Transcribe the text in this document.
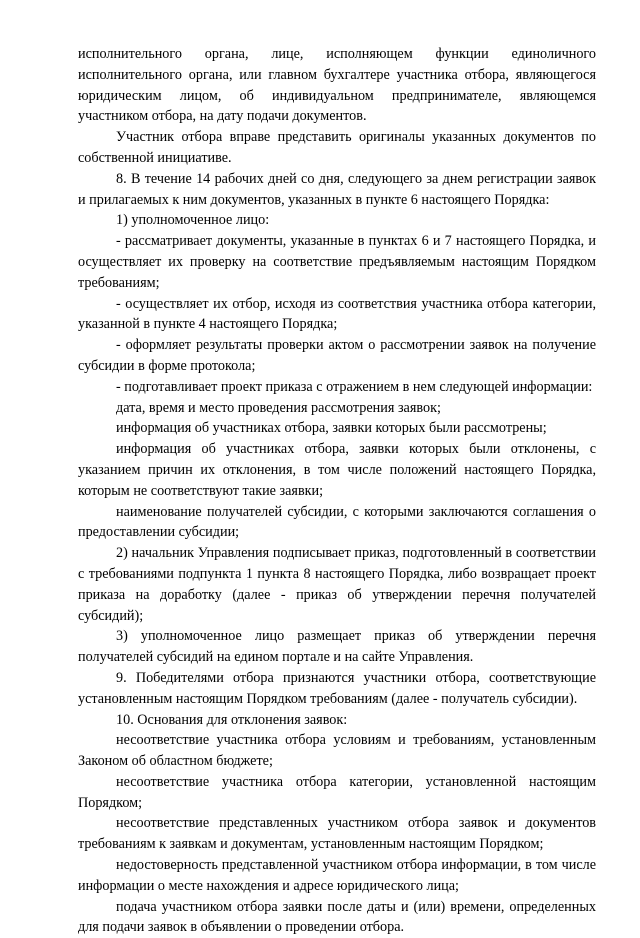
исполнительного органа, лице, исполняющем функции единоличного исполнительного органа, или главном бухгалтере участника отбора, являющегося юридическим лицом, об индивидуальном предпринимателе, являющемся участником отбора, на дату подачи документов.

Участник отбора вправе представить оригиналы указанных документов по собственной инициативе.

8. В течение 14 рабочих дней со дня, следующего за днем регистрации заявок и прилагаемых к ним документов, указанных в пункте 6 настоящего Порядка:

1) уполномоченное лицо:

- рассматривает документы, указанные в пунктах 6 и 7 настоящего Порядка, и осуществляет их проверку на соответствие предъявляемым настоящим Порядком требованиям;

- осуществляет их отбор, исходя из соответствия участника отбора категории, указанной в пункте 4 настоящего Порядка;

- оформляет результаты проверки актом о рассмотрении заявок на получение субсидии в форме протокола;

- подготавливает проект приказа с отражением в нем следующей информации:

дата, время и место проведения рассмотрения заявок;

информация об участниках отбора, заявки которых были рассмотрены;

информация об участниках отбора, заявки которых были отклонены, с указанием причин их отклонения, в том числе положений настоящего Порядка, которым не соответствуют такие заявки;

наименование получателей субсидии, с которыми заключаются соглашения о предоставлении субсидии;

2) начальник Управления подписывает приказ, подготовленный в соответствии с требованиями подпункта 1 пункта 8 настоящего Порядка, либо возвращает проект приказа на доработку (далее - приказ об утверждении перечня получателей субсидий);

3) уполномоченное лицо размещает приказ об утверждении перечня получателей субсидий на едином портале и на сайте Управления.

9. Победителями отбора признаются участники отбора, соответствующие установленным настоящим Порядком требованиям (далее - получатель субсидии).

10. Основания для отклонения заявок:

несоответствие участника отбора условиям и требованиям, установленным Законом об областном бюджете;

несоответствие участника отбора категории, установленной настоящим Порядком;

несоответствие представленных участником отбора заявок и документов требованиям к заявкам и документам, установленным настоящим Порядком;

недостоверность представленной участником отбора информации, в том числе информации о месте нахождения и адресе юридического лица;

подача участником отбора заявки после даты и (или) времени, определенных для подачи заявок в объявлении о проведении отбора.
